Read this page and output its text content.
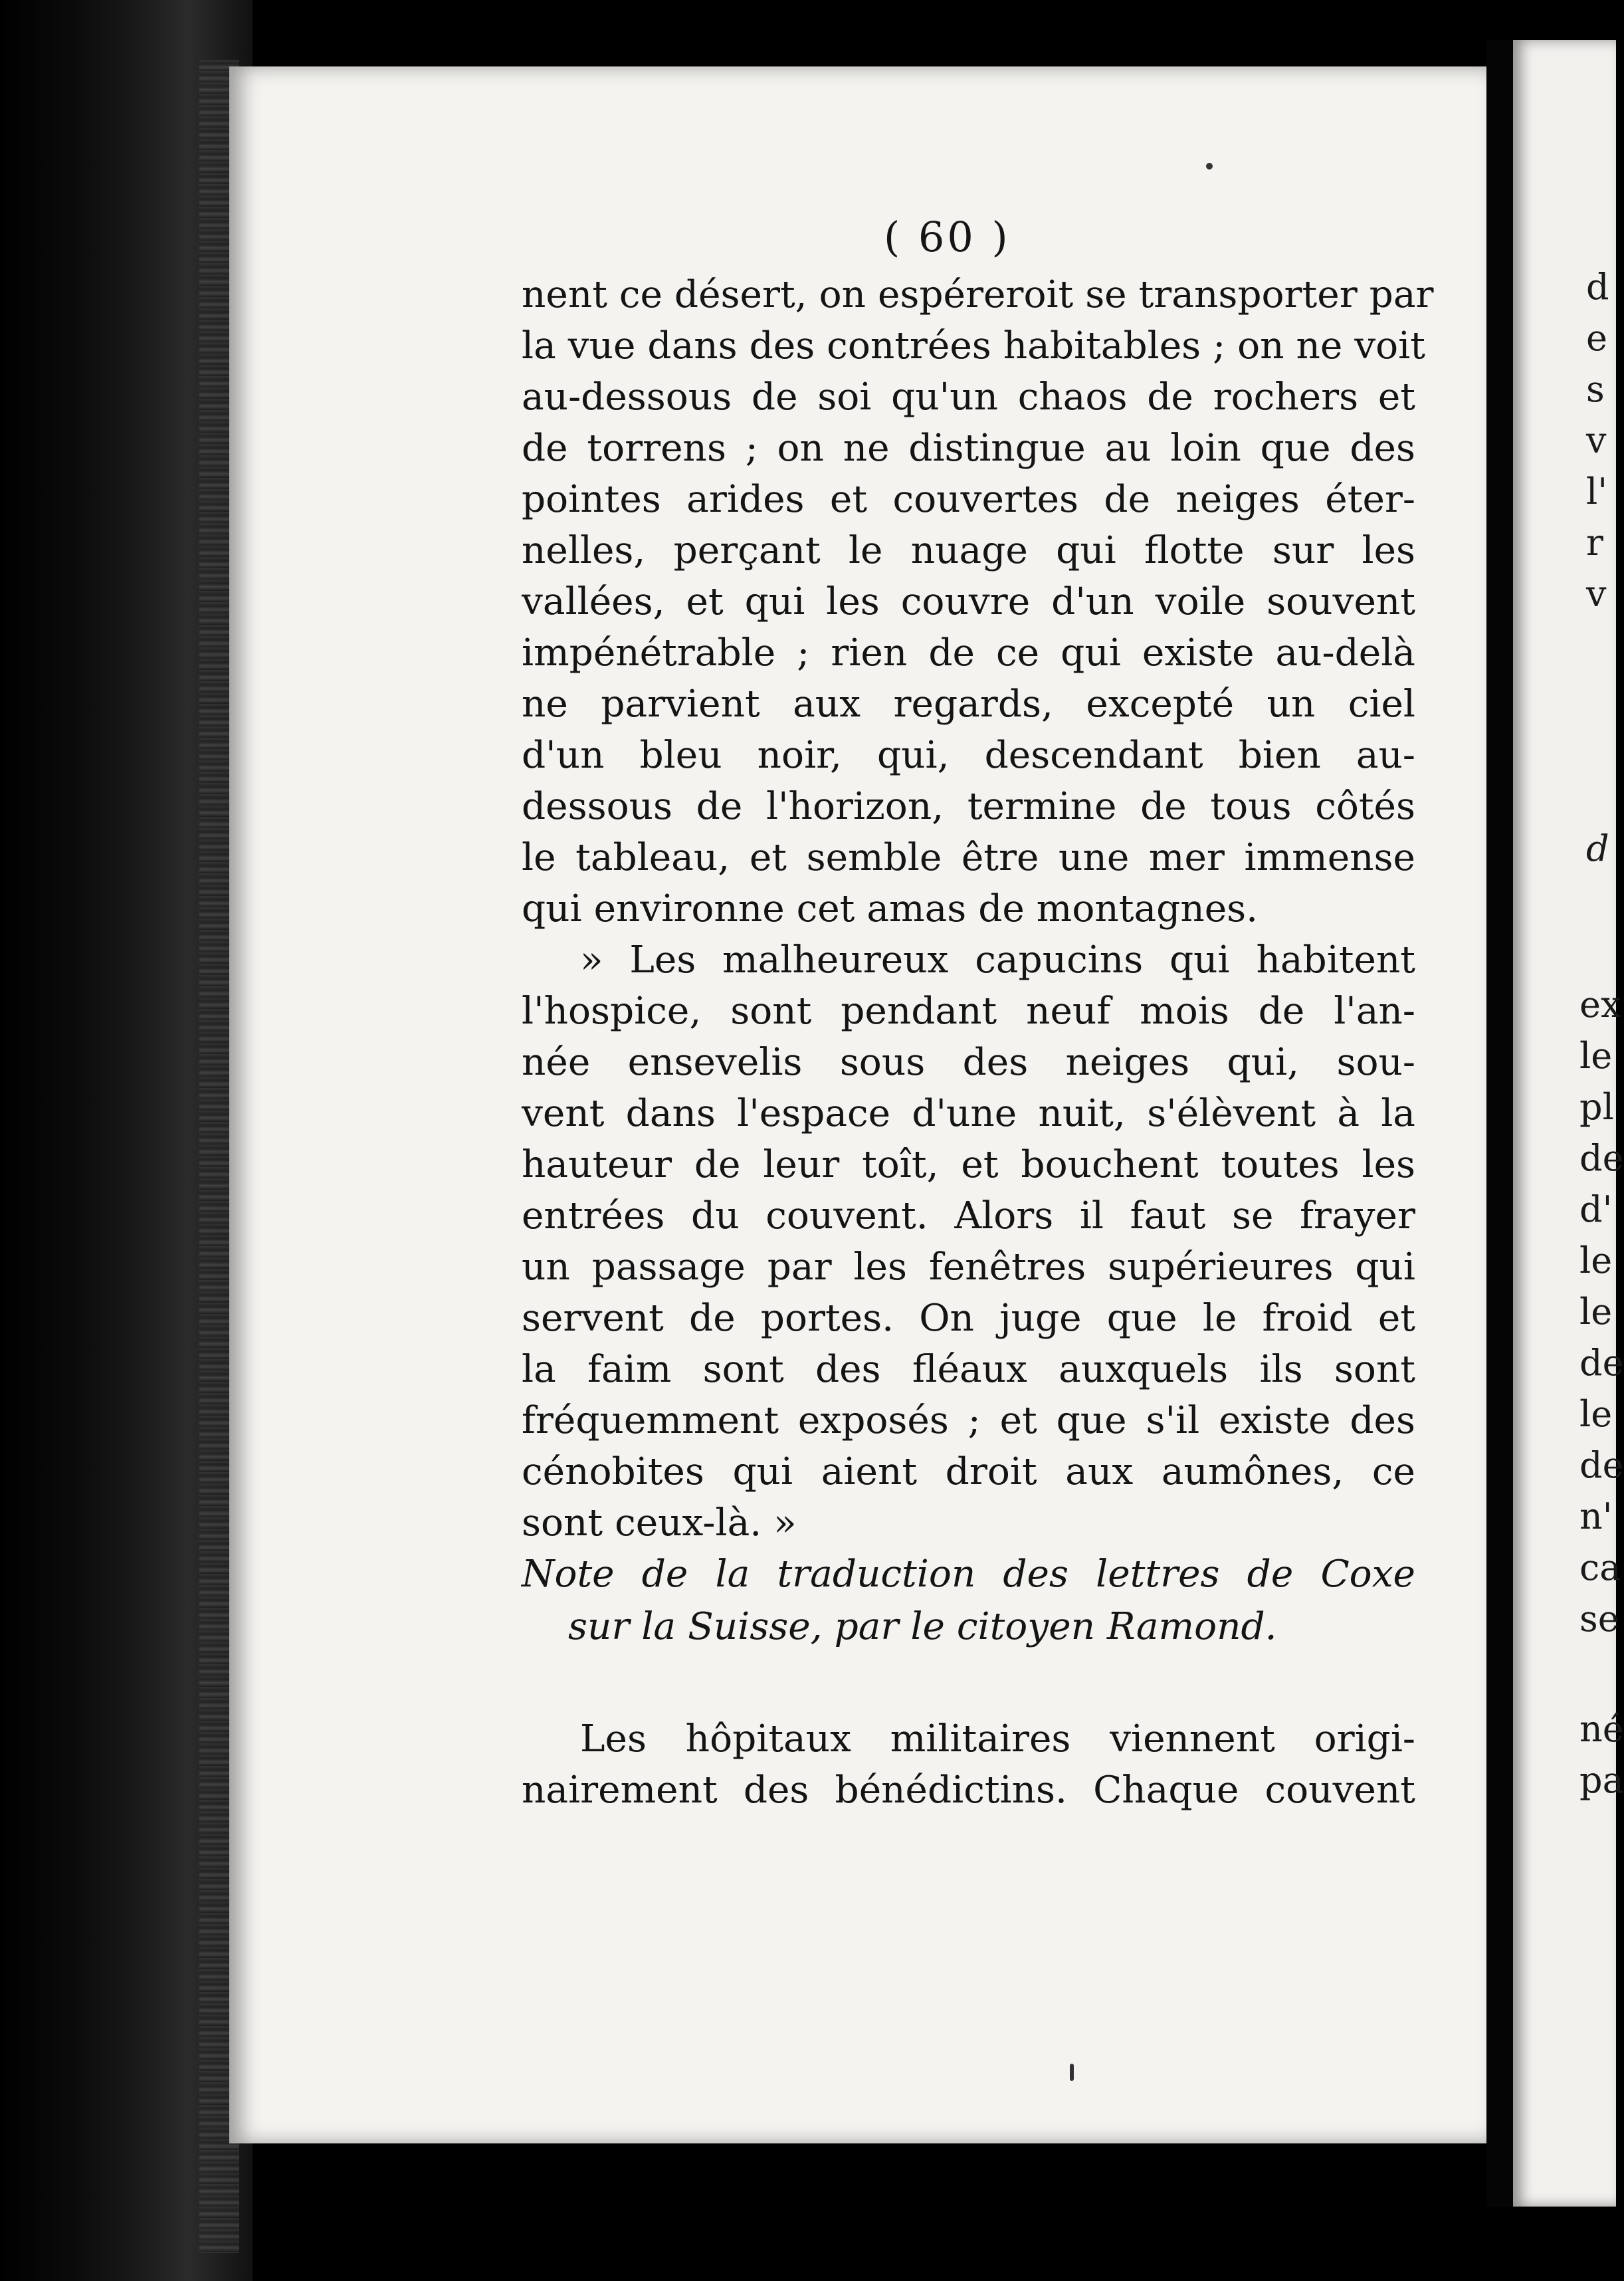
( 60 )
nent ce désert, on espéreroit se transporter par
la vue dans des contrées habitables ; on ne voit
au-dessous de soi qu'un chaos de rochers et
de torrens ; on ne distingue au loin que des
pointes arides et couvertes de neiges éter-
nelles, perçant le nuage qui flotte sur les
vallées, et qui les couvre d'un voile souvent
impénétrable ; rien de ce qui existe au-delà
ne parvient aux regards, excepté un ciel
d'un bleu noir, qui, descendant bien au-
dessous de l'horizon, termine de tous côtés
le tableau, et semble être une mer immense
qui environne cet amas de montagnes.
» Les malheureux capucins qui habitent
l'hospice, sont pendant neuf mois de l'an-
née ensevelis sous des neiges qui, sou-
vent dans l'espace d'une nuit, s'élèvent à la
hauteur de leur toît, et bouchent toutes les
entrées du couvent. Alors il faut se frayer
un passage par les fenêtres supérieures qui
servent de portes. On juge que le froid et
la faim sont des fléaux auxquels ils sont
fréquemment exposés ; et que s'il existe des
cénobites qui aient droit aux aumônes, ce
sont ceux-là. »
Note de la traduction des lettres de Coxe
sur la Suisse, par le citoyen Ramond.
Les hôpitaux militaires viennent origi-
nairement des bénédictins. Chaque couvent
d
e
s
v
l'
r
v
d
ex
le
pl
de
d'
le
le
de
le
de
n'
ca
se
né
pa
